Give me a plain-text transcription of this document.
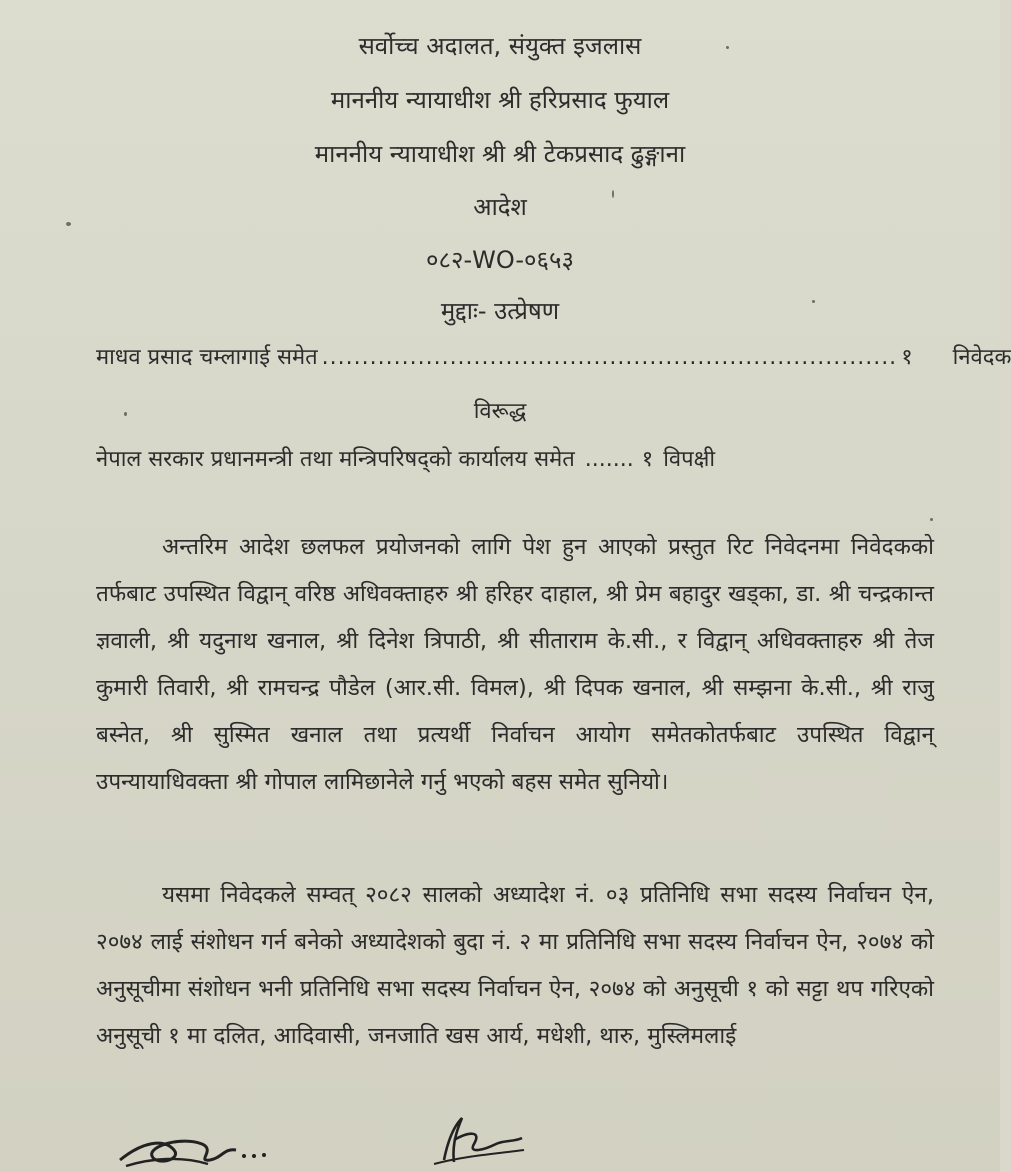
सर्वोच्च अदालत, संयुक्त इजलास
माननीय न्यायाधीश श्री हरिप्रसाद फुयाल
माननीय न्यायाधीश श्री श्री टेकप्रसाद ढुङ्गाना
आदेश
०८२-WO-०६५३
मुद्दाः- उत्प्रेषण
माधव प्रसाद चम्लागाई समेत ........................................................................ १ निवेदक
विरूद्ध
नेपाल सरकार प्रधानमन्त्री तथा मन्त्रिपरिषद्को कार्यालय समेत ....... १ विपक्षी

अन्तरिम आदेश छलफल प्रयोजनको लागि पेश हुन आएको प्रस्तुत रिट निवेदनमा निवेदकको तर्फबाट उपस्थित विद्वान् वरिष्ठ अधिवक्ताहरु श्री हरिहर दाहाल, श्री प्रेम बहादुर खड्का, डा. श्री चन्द्रकान्त ज्ञवाली, श्री यदुनाथ खनाल, श्री दिनेश त्रिपाठी, श्री सीताराम के.सी., र विद्वान् अधिवक्ताहरु श्री तेज कुमारी तिवारी, श्री रामचन्द्र पौडेल (आर.सी. विमल), श्री दिपक खनाल, श्री सम्झना के.सी., श्री राजु बस्नेत, श्री सुस्मित खनाल तथा प्रत्यर्थी निर्वाचन आयोग समेतकोतर्फबाट उपस्थित विद्वान् उपन्यायाधिवक्ता श्री गोपाल लामिछानेले गर्नु भएको बहस समेत सुनियो।

यसमा निवेदकले सम्वत् २०८२ सालको अध्यादेश नं. ०३ प्रतिनिधि सभा सदस्य निर्वाचन ऐन, २०७४ लाई संशोधन गर्न बनेको अध्यादेशको बुदा नं. २ मा प्रतिनिधि सभा सदस्य निर्वाचन ऐन, २०७४ को अनुसूचीमा संशोधन भनी प्रतिनिधि सभा सदस्य निर्वाचन ऐन, २०७४ को अनुसूची १ को सट्टा थप गरिएको अनुसूची १ मा दलित, आदिवासी, जनजाति खस आर्य, मधेशी, थारु, मुस्लिमलाई
